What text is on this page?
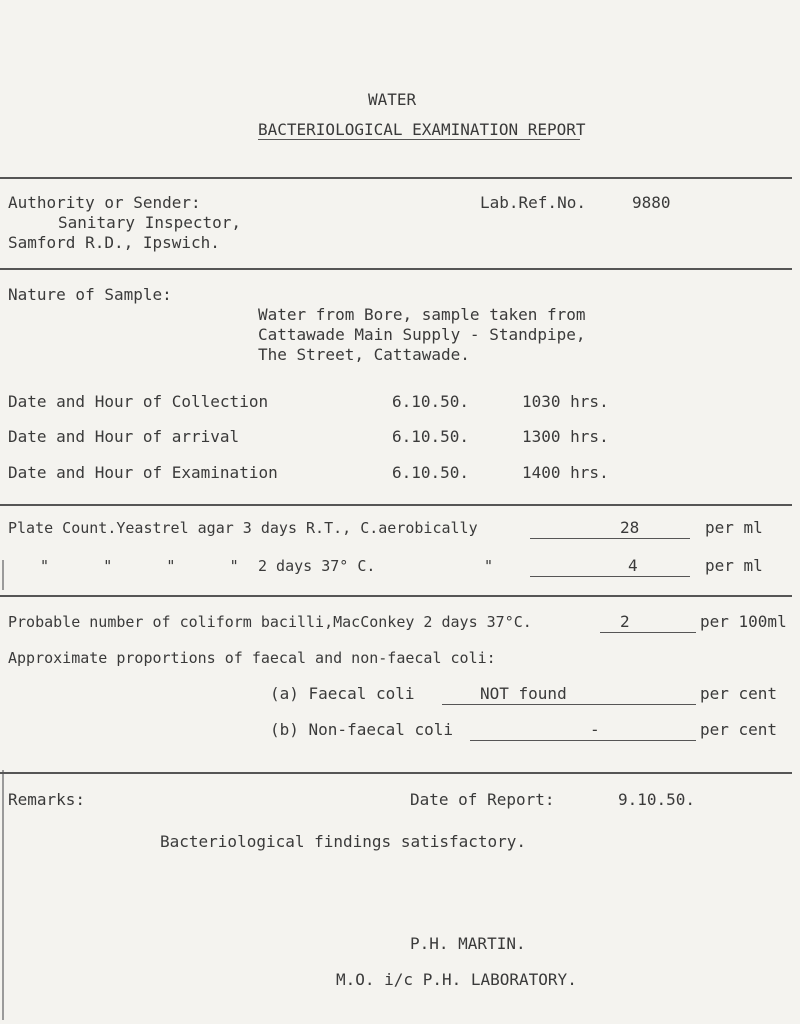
WATER
BACTERIOLOGICAL EXAMINATION REPORT
Authority or Sender:
Sanitary Inspector,
Samford R.D., Ipswich.
Lab.Ref.No.	9880
Nature of Sample:
Water from Bore, sample taken from
Cattawade Main Supply - Standpipe,
The Street, Cattawade.
Date and Hour of Collection	6.10.50.	1030 hrs.
Date and Hour of arrival	6.10.50.	1300 hrs.
Date and Hour of Examination	6.10.50.	1400 hrs.
Plate Count.Yeastrel agar 3 days R.T., C.aerobically	28	per ml
"      "      "      " 2 days 37° C.	"	4	per ml
Probable number of coliform bacilli,MacConkey 2 days 37°C.	2	per 100ml
Approximate proportions of faecal and non-faecal coli:
(a) Faecal coli	NOT found	per cent
(b) Non-faecal coli	-	per cent
Remarks:	Date of Report:	9.10.50.
Bacteriological findings satisfactory.
P.H. MARTIN.
M.O. i/c P.H. LABORATORY.
